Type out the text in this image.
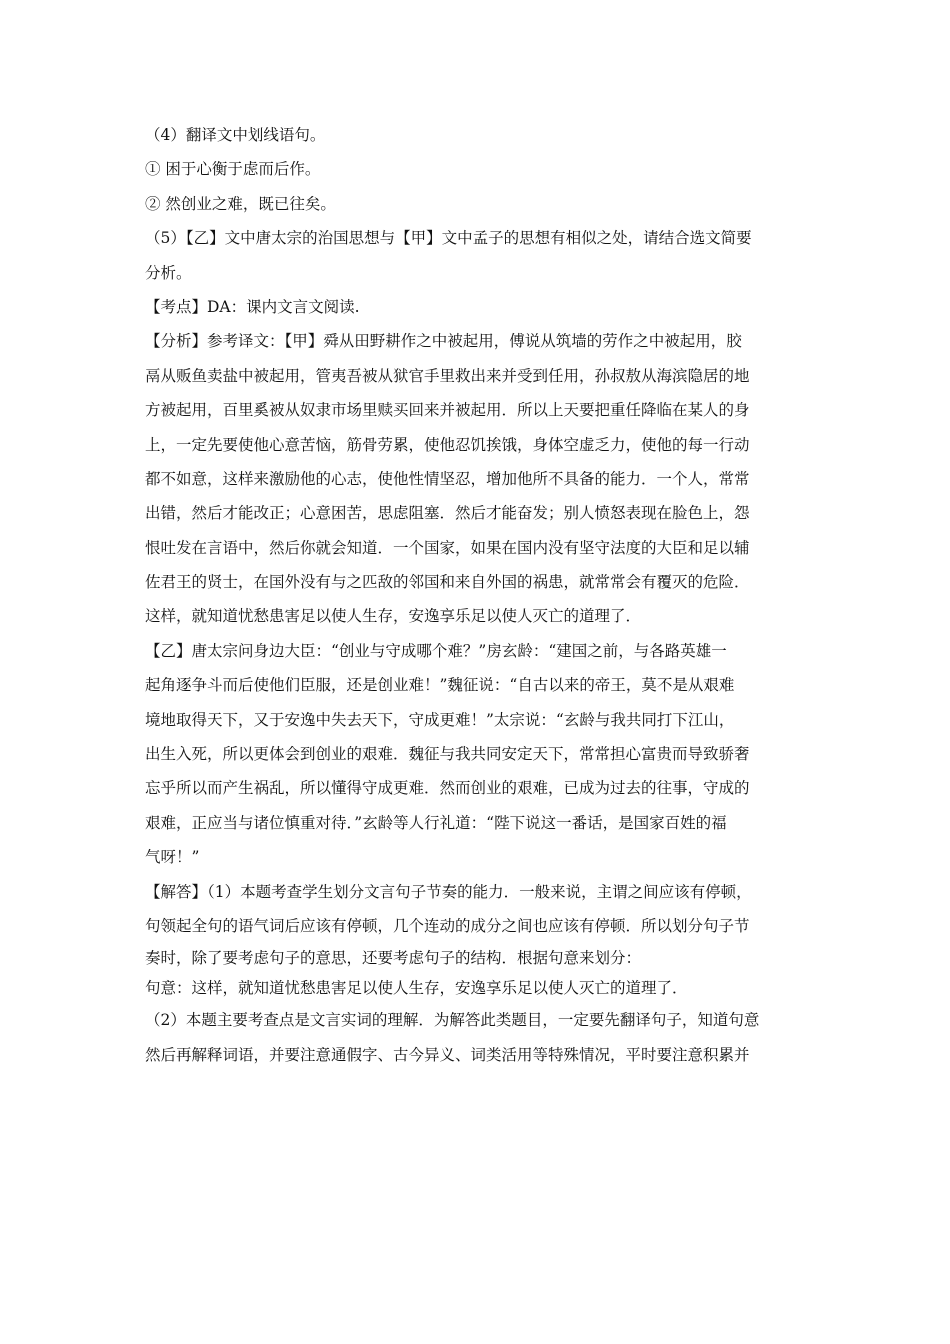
（4）翻译文中划线语句。
① 困于心衡于虑而后作。
② 然创业之难，既已往矣。
（5）【乙】文中唐太宗的治国思想与【甲】文中孟子的思想有相似之处，请结合选文简要
分析。
【考点】DA：课内文言文阅读.
【分析】参考译文：【甲】舜从田野耕作之中被起用，傅说从筑墙的劳作之中被起用，胶
鬲从贩鱼卖盐中被起用，管夷吾被从狱官手里救出来并受到任用，孙叔敖从海滨隐居的地
方被起用，百里奚被从奴隶市场里赎买回来并被起用．所以上天要把重任降临在某人的身
上，一定先要使他心意苦恼，筋骨劳累，使他忍饥挨饿，身体空虚乏力，使他的每一行动
都不如意，这样来激励他的心志，使他性情坚忍，增加他所不具备的能力．一个人，常常
出错，然后才能改正；心意困苦，思虑阻塞．然后才能奋发；别人愤怒表现在脸色上，怨
恨吐发在言语中，然后你就会知道．一个国家，如果在国内没有坚守法度的大臣和足以辅
佐君王的贤士，在国外没有与之匹敌的邻国和来自外国的祸患，就常常会有覆灭的危险．
这样，就知道忧愁患害足以使人生存，安逸享乐足以使人灭亡的道理了．
【乙】唐太宗问身边大臣：“创业与守成哪个难？”房玄龄：“建国之前，与各路英雄一
起角逐争斗而后使他们臣服，还是创业难！”魏征说：“自古以来的帝王，莫不是从艰难
境地取得天下，又于安逸中失去天下，守成更难！”太宗说：“玄龄与我共同打下江山，
出生入死，所以更体会到创业的艰难．魏征与我共同安定天下，常常担心富贵而导致骄奢
忘乎所以而产生祸乱，所以懂得守成更难．然而创业的艰难，已成为过去的往事，守成的
艰难，正应当与诸位慎重对待．”玄龄等人行礼道：“陛下说这一番话，是国家百姓的福
气呀！”
【解答】（1）本题考查学生划分文言句子节奏的能力．一般来说，主谓之间应该有停顿，
句领起全句的语气词后应该有停顿，几个连动的成分之间也应该有停顿．所以划分句子节
奏时，除了要考虑句子的意思，还要考虑句子的结构．根据句意来划分：
句意：这样，就知道忧愁患害足以使人生存，安逸享乐足以使人灭亡的道理了．
（2）本题主要考查点是文言实词的理解．为解答此类题目，一定要先翻译句子，知道句意
然后再解释词语，并要注意通假字、古今异义、词类活用等特殊情况，平时要注意积累并
